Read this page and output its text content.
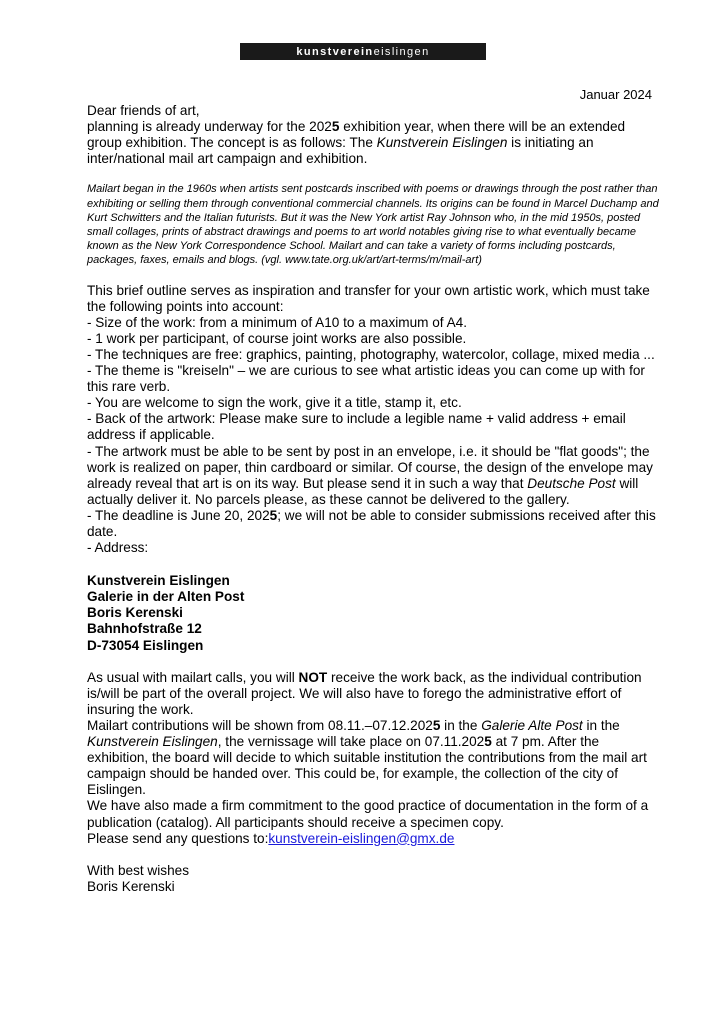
kunstverein eislingen
Januar 2024

Dear friends of art,

planning is already underway for the 2025 exhibition year, when there will be an extended group exhibition. The concept is as follows: The Kunstverein Eislingen is initiating an inter/national mail art campaign and exhibition.

Mailart began in the 1960s when artists sent postcards inscribed with poems or drawings through the post rather than exhibiting or selling them through conventional commercial channels. Its origins can be found in Marcel Duchamp and Kurt Schwitters and the Italian futurists. But it was the New York artist Ray Johnson who, in the mid 1950s, posted small collages, prints of abstract drawings and poems to art world notables giving rise to what eventually became known as the New York Correspondence School. Mailart and can take a variety of forms including postcards, packages, faxes, emails and blogs. (vgl. www.tate.org.uk/art/art-terms/m/mail-art)

This brief outline serves as inspiration and transfer for your own artistic work, which must take the following points into account:

- Size of the work: from a minimum of A10 to a maximum of A4.

- 1 work per participant, of course joint works are also possible.

- The techniques are free: graphics, painting, photography, watercolor, collage, mixed media ...

- The theme is "kreiseln" – we are curious to see what artistic ideas you can come up with for this rare verb.

- You are welcome to sign the work, give it a title, stamp it, etc.

- Back of the artwork: Please make sure to include a legible name + valid address + email address if applicable.

- The artwork must be able to be sent by post in an envelope, i.e. it should be "flat goods"; the work is realized on paper, thin cardboard or similar. Of course, the design of the envelope may already reveal that art is on its way. But please send it in such a way that Deutsche Post will actually deliver it. No parcels please, as these cannot be delivered to the gallery.

- The deadline is June 20, 2025; we will not be able to consider submissions received after this date.

- Address:

Kunstverein Eislingen
Galerie in der Alten Post
Boris Kerenski
Bahnhofstraße 12
D-73054 Eislingen

As usual with mailart calls, you will NOT receive the work back, as the individual contribution is/will be part of the overall project. We will also have to forego the administrative effort of insuring the work.

Mailart contributions will be shown from 08.11.–07.12.2025 in the Galerie Alte Post in the Kunstverein Eislingen, the vernissage will take place on 07.11.2025 at 7 pm. After the exhibition, the board will decide to which suitable institution the contributions from the mail art campaign should be handed over. This could be, for example, the collection of the city of Eislingen.

We have also made a firm commitment to the good practice of documentation in the form of a publication (catalog). All participants should receive a specimen copy.

Please send any questions to:kunstverein-eislingen@gmx.de

With best wishes

Boris Kerenski
